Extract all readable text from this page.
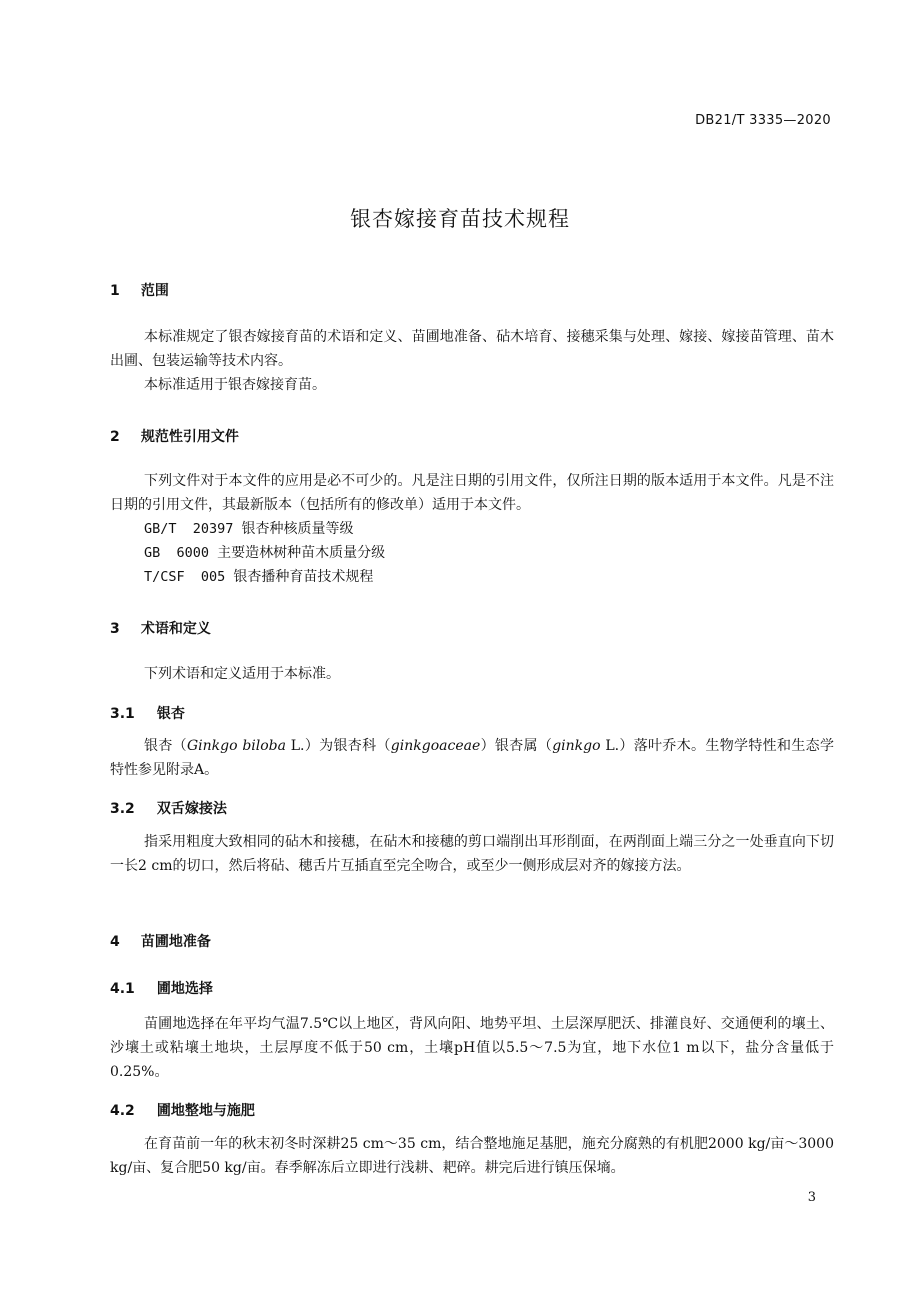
DB21/T 3335—2020
银杏嫁接育苗技术规程
1 范围
本标准规定了银杏嫁接育苗的术语和定义、苗圃地准备、砧木培育、接穗采集与处理、嫁接、嫁接苗管理、苗木出圃、包装运输等技术内容。
本标准适用于银杏嫁接育苗。
2 规范性引用文件
下列文件对于本文件的应用是必不可少的。凡是注日期的引用文件，仅所注日期的版本适用于本文件。凡是不注日期的引用文件，其最新版本（包括所有的修改单）适用于本文件。
GB/T  20397 银杏种核质量等级
GB  6000 主要造林树种苗木质量分级
T/CSF  005 银杏播种育苗技术规程
3 术语和定义
下列术语和定义适用于本标准。
3.1 银杏
银杏（Ginkgo biloba L.）为银杏科（ginkgoaceae）银杏属（ginkgo L.）落叶乔木。生物学特性和生态学特性参见附录A。
3.2 双舌嫁接法
指采用粗度大致相同的砧木和接穗，在砧木和接穗的剪口端削出耳形削面，在两削面上端三分之一处垂直向下切一长2 cm的切口，然后将砧、穗舌片互插直至完全吻合，或至少一侧形成层对齐的嫁接方法。
4 苗圃地准备
4.1 圃地选择
苗圃地选择在年平均气温7.5℃以上地区，背风向阳、地势平坦、土层深厚肥沃、排灌良好、交通便利的壤土、沙壤土或粘壤土地块，土层厚度不低于50 cm，土壤pH值以5.5～7.5为宜，地下水位1 m以下，盐分含量低于0.25%。
4.2 圃地整地与施肥
在育苗前一年的秋末初冬时深耕25 cm～35 cm，结合整地施足基肥，施充分腐熟的有机肥2000 kg/亩～3000 kg/亩、复合肥50 kg/亩。春季解冻后立即进行浅耕、耙碎。耕完后进行镇压保墒。
3
